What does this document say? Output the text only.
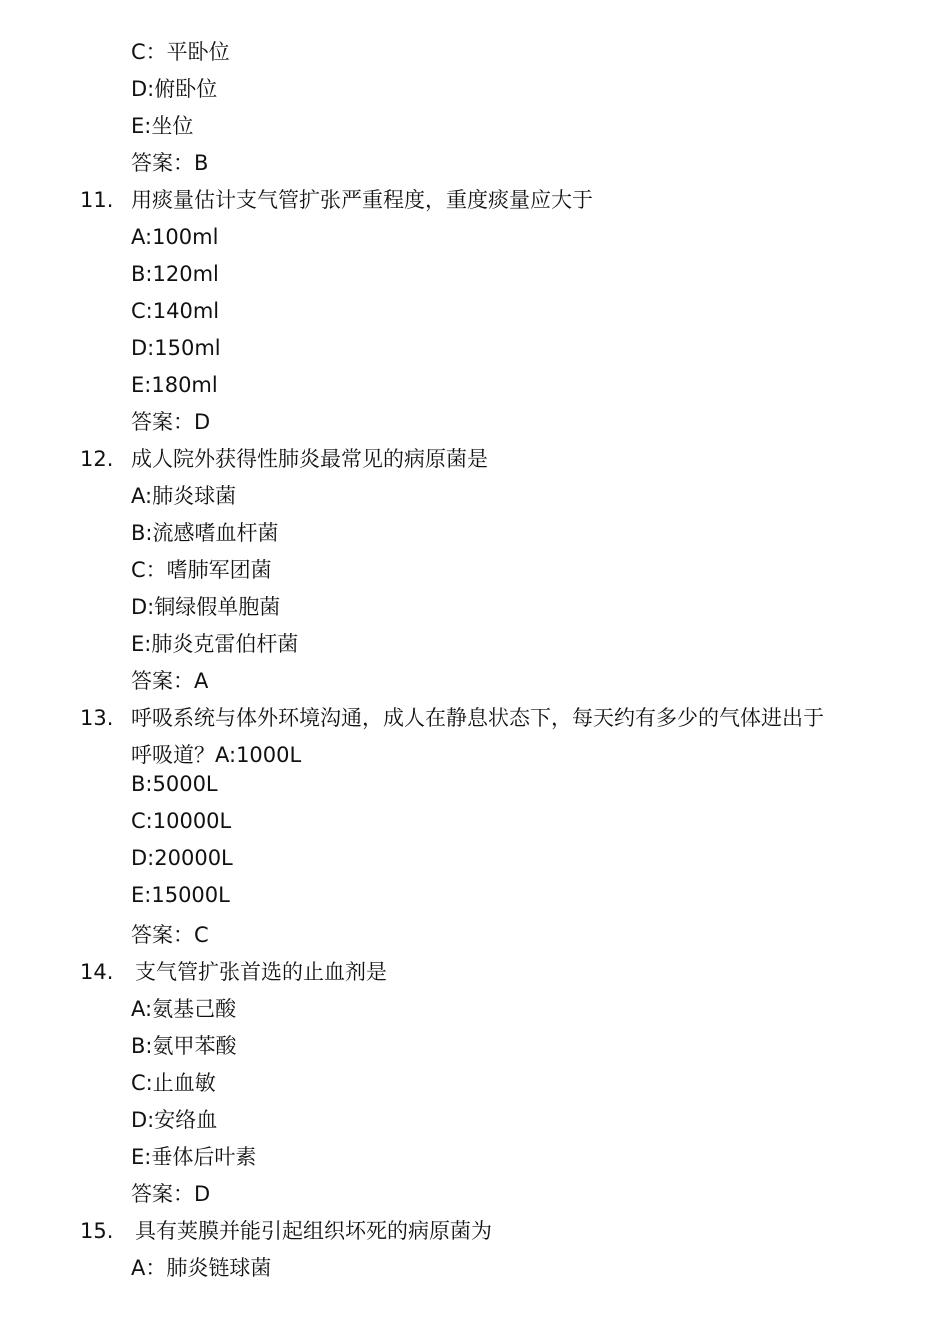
C：平卧位
D:俯卧位
E:坐位
答案：B
11. 用痰量估计支气管扩张严重程度，重度痰量应大于
A:100ml
B:120ml
C:140ml
D:150ml
E:180ml
答案：D
12. 成人院外获得性肺炎最常见的病原菌是
A:肺炎球菌
B:流感嗜血杆菌
C：嗜肺军团菌
D:铜绿假单胞菌
E:肺炎克雷伯杆菌
答案：A
13. 呼吸系统与体外环境沟通，成人在静息状态下，每天约有多少的气体进出于
呼吸道？A:1000L
B:5000L
C:10000L
D:20000L
E:15000L
答案：C
14. 支气管扩张首选的止血剂是
A:氨基己酸
B:氨甲苯酸
C:止血敏
D:安络血
E:垂体后叶素
答案：D
15. 具有荚膜并能引起组织坏死的病原菌为
A：肺炎链球菌
